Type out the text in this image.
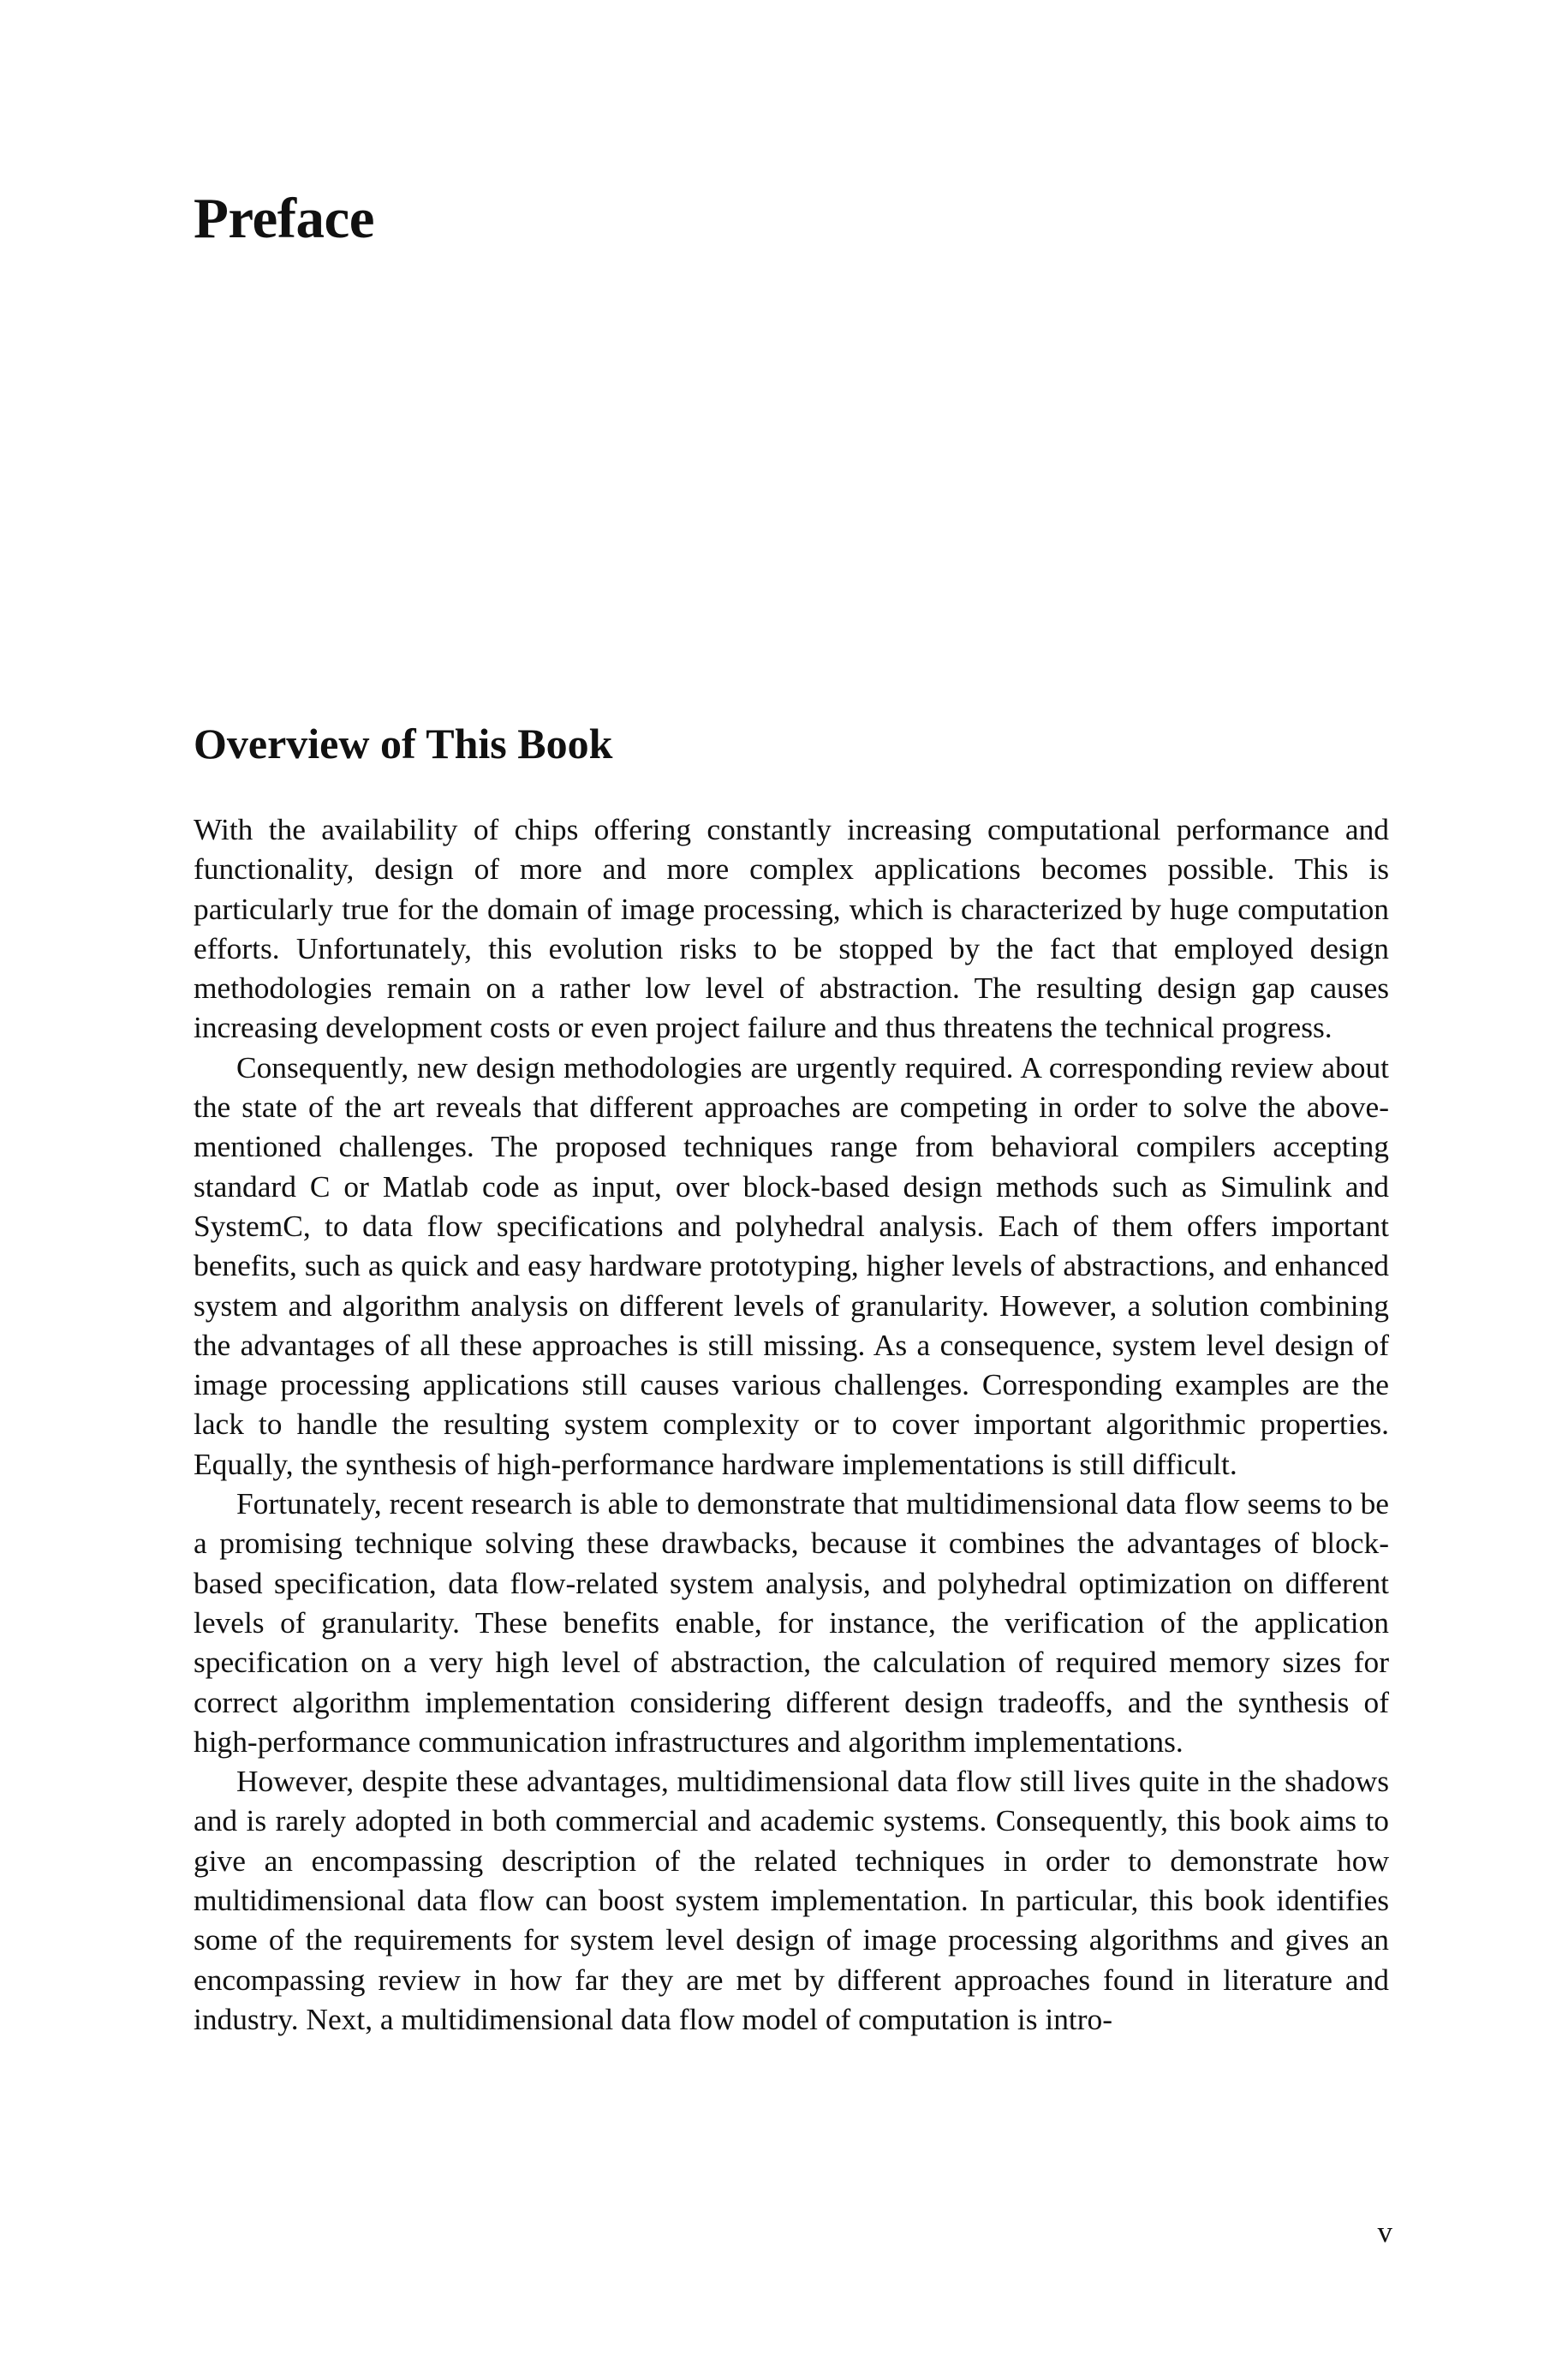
Preface
Overview of This Book

With the availability of chips offering constantly increasing computational performance and functionality, design of more and more complex applications becomes possible. This is particularly true for the domain of image processing, which is characterized by huge computation efforts. Unfortunately, this evolution risks to be stopped by the fact that employed design methodologies remain on a rather low level of abstraction. The resulting design gap causes increasing development costs or even project failure and thus threatens the technical progress.

Consequently, new design methodologies are urgently required. A corresponding review about the state of the art reveals that different approaches are competing in order to solve the above-mentioned challenges. The proposed techniques range from behavioral compilers accepting standard C or Matlab code as input, over block-based design methods such as Simulink and SystemC, to data flow specifications and polyhedral analysis. Each of them offers important benefits, such as quick and easy hardware prototyping, higher levels of abstractions, and enhanced system and algorithm analysis on different levels of granularity. However, a solution combining the advantages of all these approaches is still missing. As a consequence, system level design of image processing applications still causes various challenges. Corresponding examples are the lack to handle the resulting system complexity or to cover important algorithmic properties. Equally, the synthesis of high-performance hardware implementations is still difficult.

Fortunately, recent research is able to demonstrate that multidimensional data flow seems to be a promising technique solving these drawbacks, because it combines the advantages of block-based specification, data flow-related system analysis, and polyhedral optimization on different levels of granularity. These benefits enable, for instance, the verification of the application specification on a very high level of abstraction, the calculation of required memory sizes for correct algorithm implementation considering different design tradeoffs, and the synthesis of high-performance communication infrastructures and algorithm implementations.

However, despite these advantages, multidimensional data flow still lives quite in the shadows and is rarely adopted in both commercial and academic systems. Consequently, this book aims to give an encompassing description of the related techniques in order to demonstrate how multidimensional data flow can boost system implementation. In particular, this book identifies some of the requirements for system level design of image processing algorithms and gives an encompassing review in how far they are met by different approaches found in literature and industry. Next, a multidimensional data flow model of computation is intro-

v
